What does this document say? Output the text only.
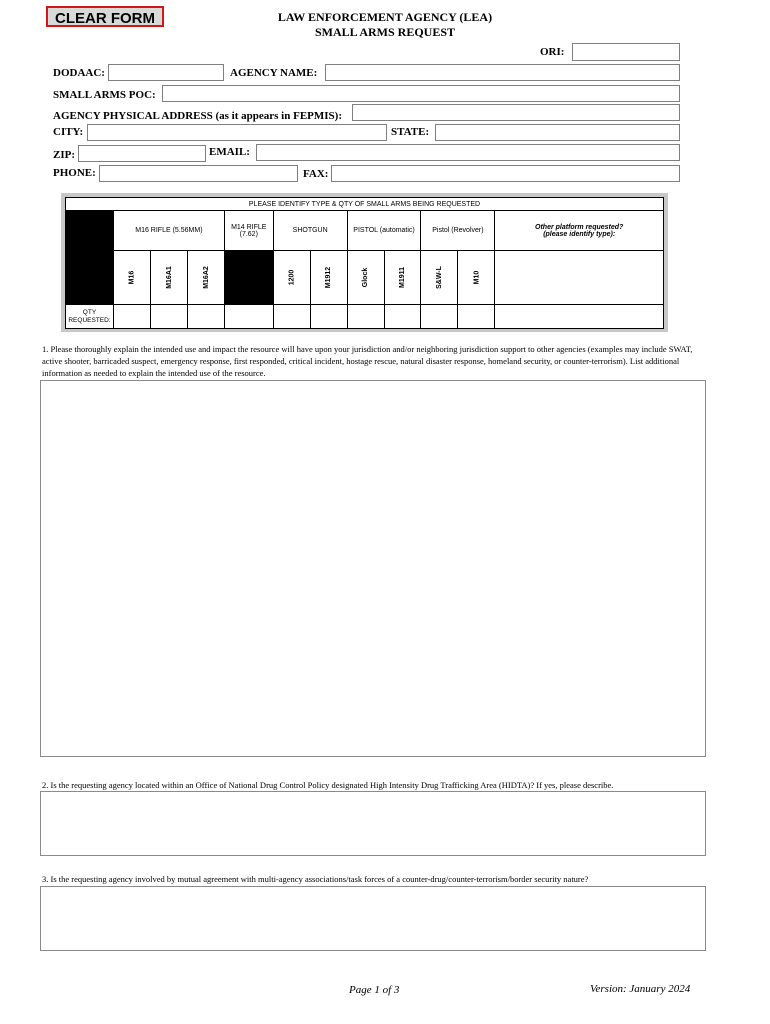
CLEAR FORM	LAW ENFORCEMENT AGENCY (LEA)
SMALL ARMS REQUEST
ORI:
DODAAC:	AGENCY NAME:
SMALL ARMS POC:
AGENCY PHYSICAL ADDRESS (as it appears in FEPMIS):
CITY:	STATE:
ZIP:	EMAIL:
PHONE:	FAX:
PLEASE IDENTIFY TYPE & QTY OF SMALL ARMS BEING REQUESTED											
	M16 RIFLE (5.56MM)			M14 RIFLE (7.62)	SHOTGUN		PISTOL (automatic)		Pistol (Revolver)		Other platform requested?
(please identify type):

	M16	M16A1	M16A2		1200	M1912	Glock	M1911	S&W-L	M10	
QTY REQUESTED:											
1. Please thoroughly explain the intended use and impact the resource will have upon your jurisdiction and/or neighboring jurisdiction support to other agencies (examples may include SWAT, active shooter, barricaded suspect, emergency response, first responded, critical incident, hostage rescue, natural disaster response, homeland security, or counter-terrorism). List additional information as needed to explain the intended use of the resource.
2. Is the requesting agency located within an Office of National Drug Control Policy designated High Intensity Drug Trafficking Area (HIDTA)? If yes, please describe.
3. Is the requesting agency involved by mutual agreement with multi-agency associations/task forces of a counter-drug/counter-terrorism/border security nature?
Page 1 of 3	Version: January 2024
